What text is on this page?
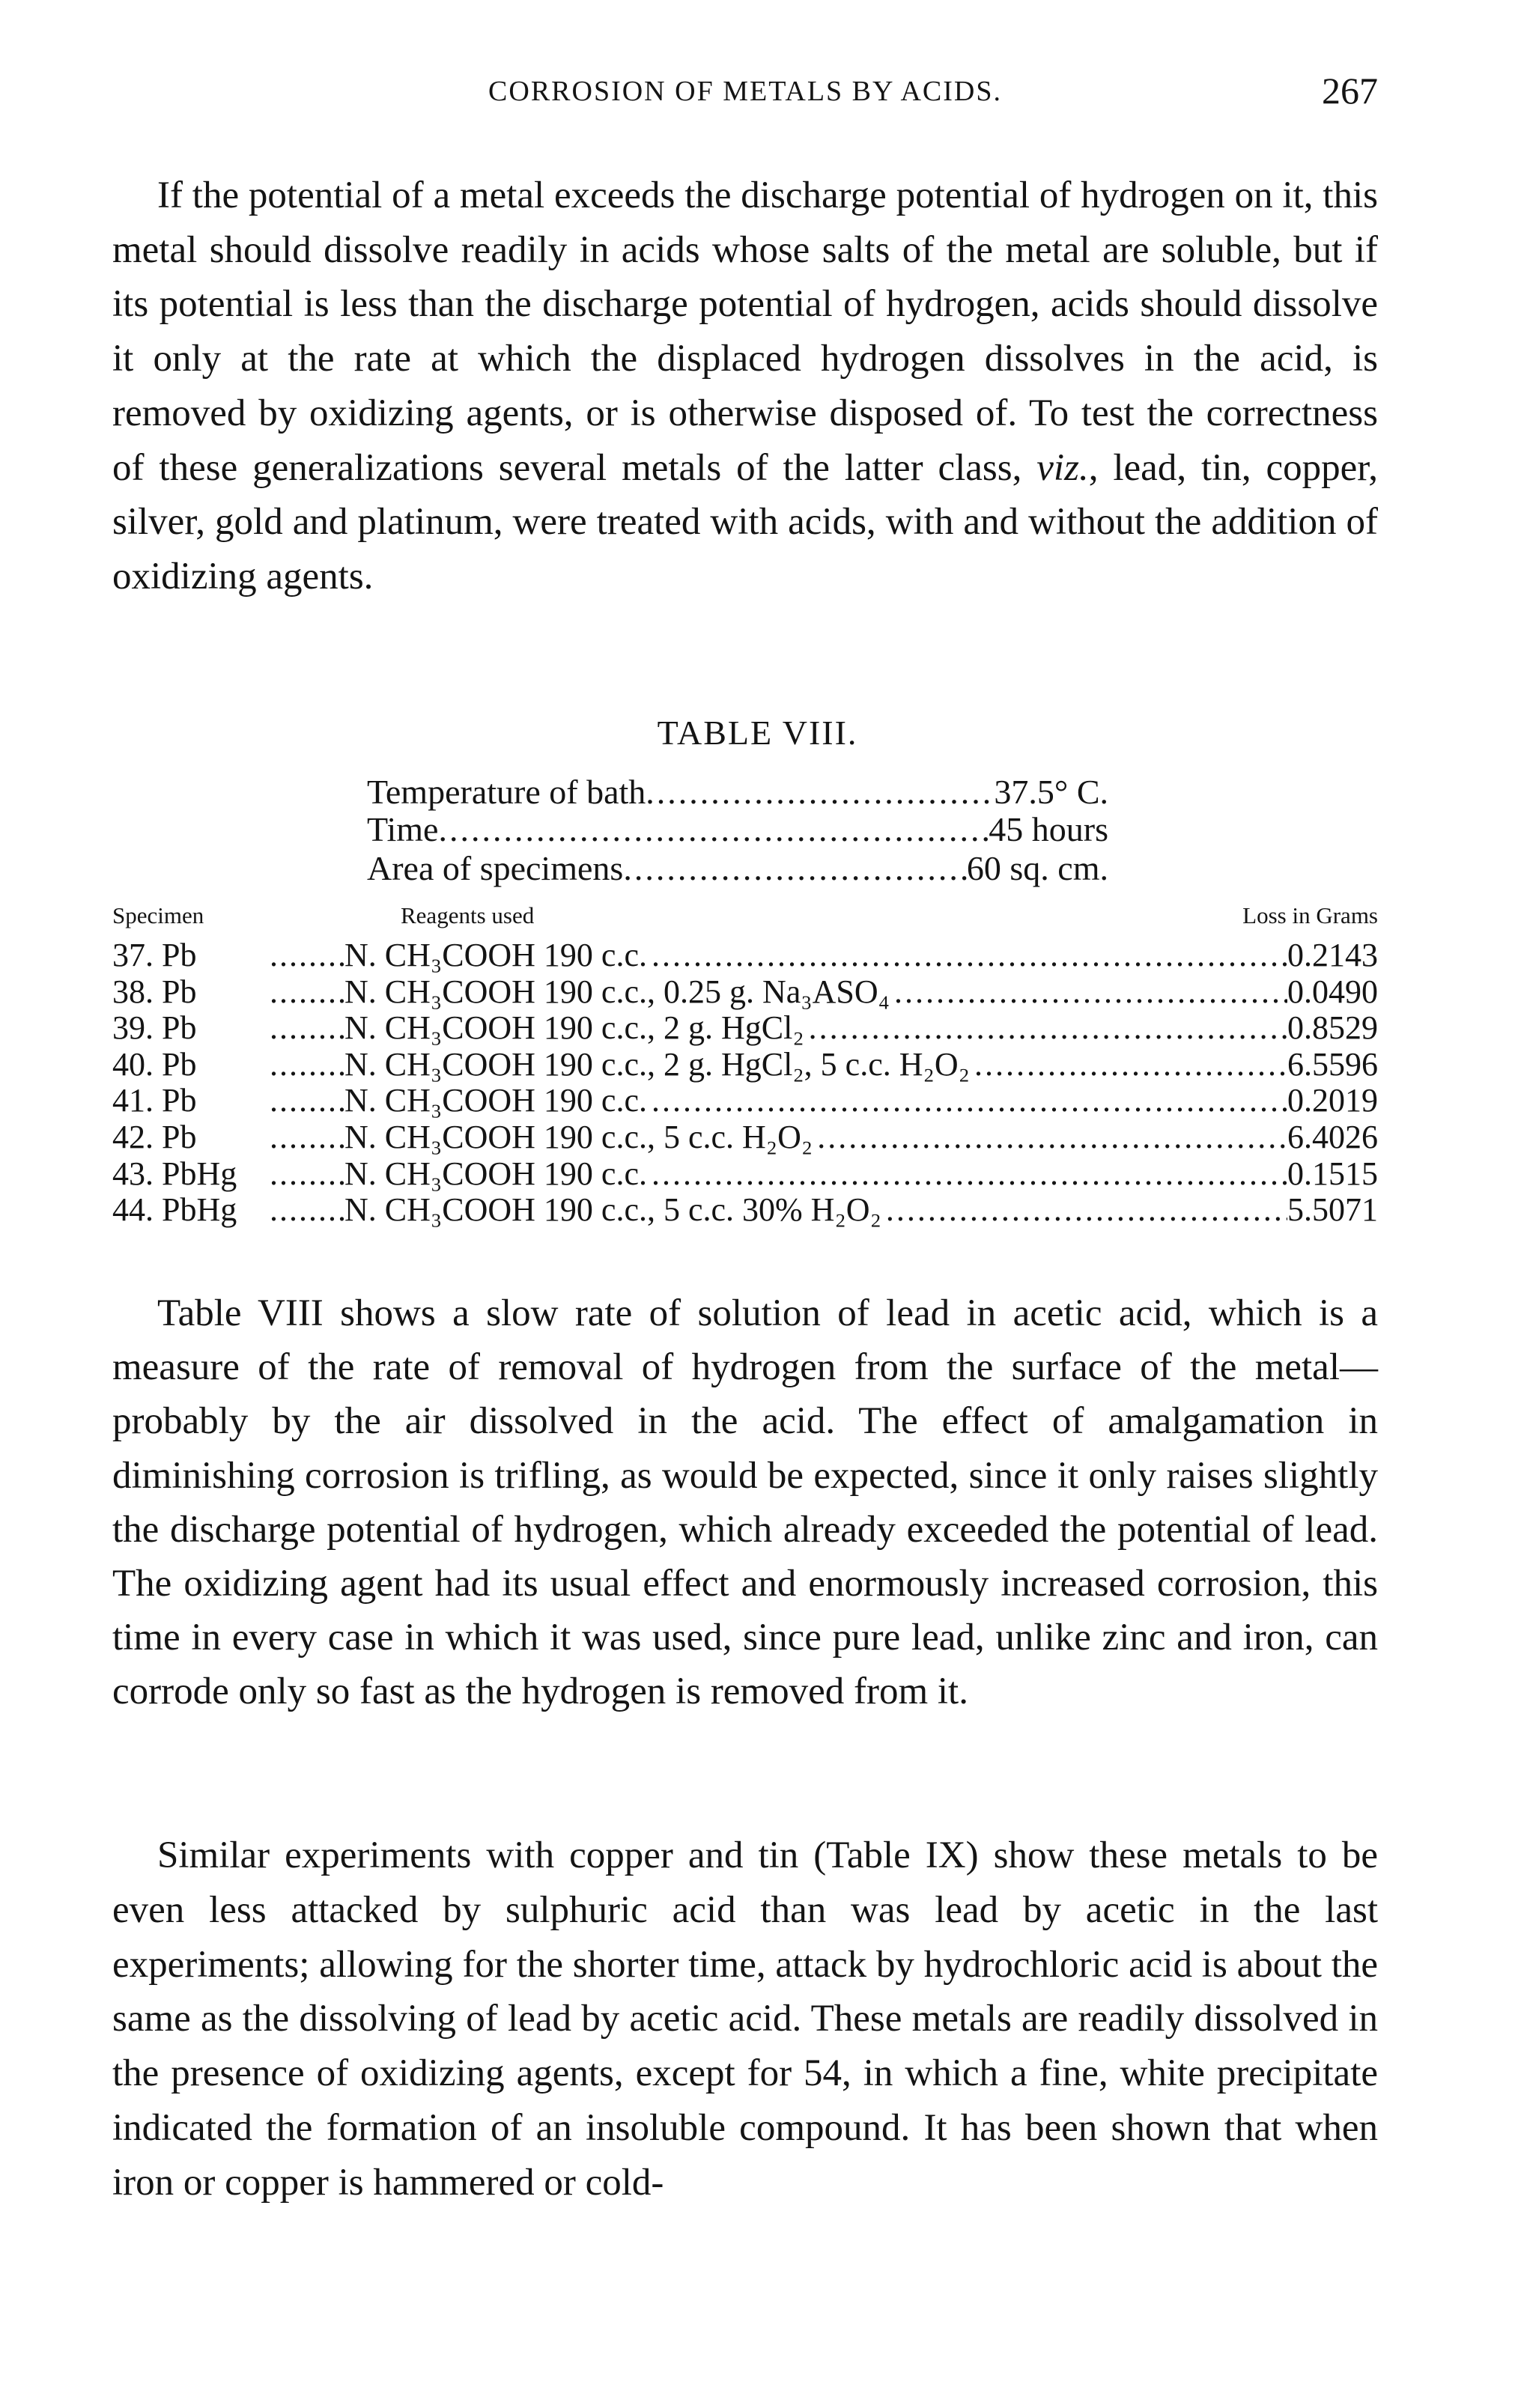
CORROSION OF METALS BY ACIDS.	267

If the potential of a metal exceeds the discharge potential of hydrogen on it, this metal should dissolve readily in acids whose salts of the metal are soluble, but if its potential is less than the discharge potential of hydrogen, acids should dissolve it only at the rate at which the displaced hydrogen dissolves in the acid, is removed by oxidizing agents, or is otherwise disposed of. To test the correctness of these generalizations several metals of the latter class, viz., lead, tin, copper, silver, gold and platinum, were treated with acids, with and without the addition of oxidizing agents.

TABLE VIII.
Temperature of bath .....	37.5° C.
Time .....	45 hours
Area of specimens .....	60 sq. cm.
Specimen	Reagents used	Loss in Grams
37. Pb .....	N. CH₃COOH 190 c.c. .....	0.2143
38. Pb .....	N. CH₃COOH 190 c.c., 0.25 g. Na₃ASO₄ .....	0.0490
39. Pb .....	N. CH₃COOH 190 c.c., 2 g. HgCl₂ .....	0.8529
40. Pb .....	N. CH₃COOH 190 c.c., 2 g. HgCl₂, 5 c.c. H₂O₂ .....	6.5596
41. Pb .....	N. CH₃COOH 190 c.c. .....	0.2019
42. Pb .....	N. CH₃COOH 190 c.c., 5 c.c. H₂O₂ .....	6.4026
43. PbHg .....	N. CH₃COOH 190 c.c. .....	0.1515
44. PbHg .....	N. CH₃COOH 190 c.c., 5 c.c. 30% H₂O₂ .....	5.5071

Table VIII shows a slow rate of solution of lead in acetic acid, which is a measure of the rate of removal of hydrogen from the surface of the metal—probably by the air dissolved in the acid. The effect of amalgamation in diminishing corrosion is trifling, as would be expected, since it only raises slightly the discharge potential of hydrogen, which already exceeded the potential of lead. The oxidizing agent had its usual effect and enormously increased corrosion, this time in every case in which it was used, since pure lead, unlike zinc and iron, can corrode only so fast as the hydrogen is removed from it.

Similar experiments with copper and tin (Table IX) show these metals to be even less attacked by sulphuric acid than was lead by acetic in the last experiments; allowing for the shorter time, attack by hydrochloric acid is about the same as the dissolving of lead by acetic acid. These metals are readily dissolved in the presence of oxidizing agents, except for 54, in which a fine, white precipitate indicated the formation of an insoluble compound. It has been shown that when iron or copper is hammered or cold-
